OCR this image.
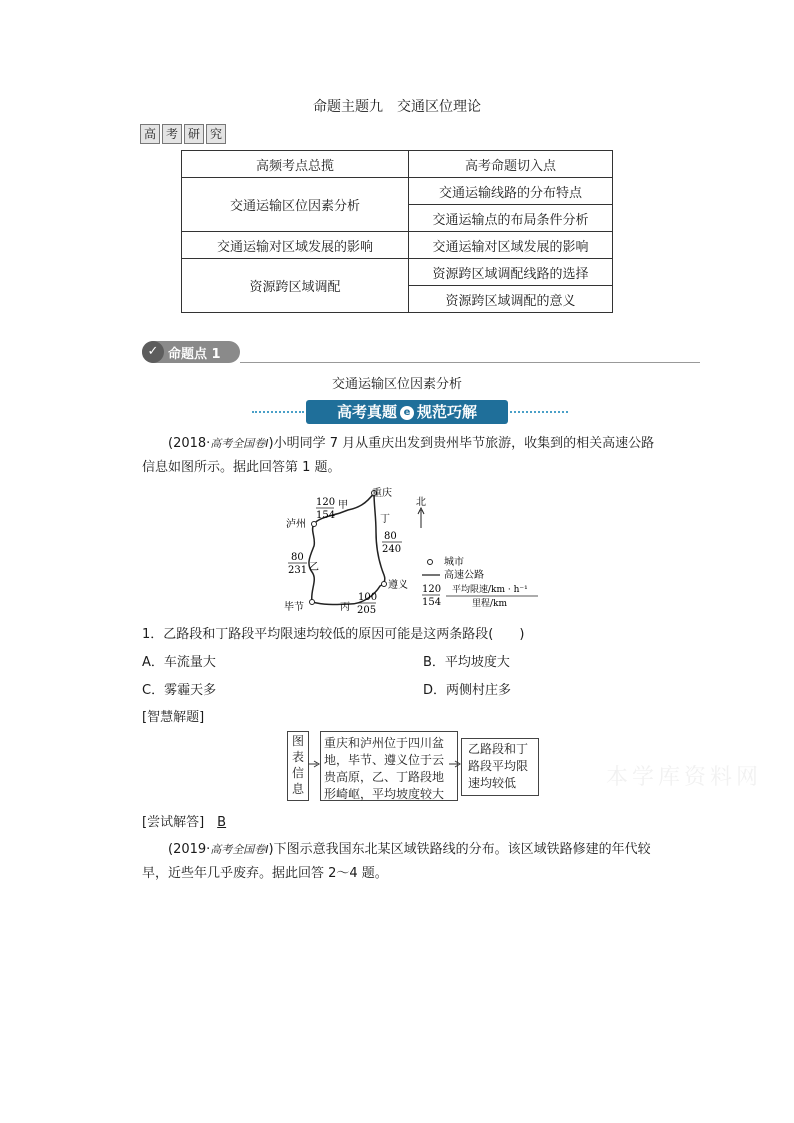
命题主题九　交通区位理论
高 考 研 究
高频考点总揽	高考命题切入点
交通运输区位因素分析	交通运输线路的分布特点
	交通运输点的布局条件分析
交通运输对区域发展的影响	交通运输对区域发展的影响
资源跨区域调配	资源跨区域调配线路的选择
	资源跨区域调配的意义
✓ 命题点 1
交通运输区位因素分析
高考真题 e 规范巧解
(2018·高考全国卷Ⅰ)小明同学 7 月从重庆出发到贵州毕节旅游，收集到的相关高速公路信息如图所示。据此回答第 1 题。
重庆
泸州
毕节
遵义
甲
120
154
乙
80
231
丙
100
205
丁
80
240
北
城市
高速公路
120
154
平均限速/km · h⁻¹
里程/km
1．乙路段和丁路段平均限速均较低的原因可能是这两条路段(　　)
A．车流量大	B．平均坡度大
C．雾霾天多	D．两侧村庄多
[智慧解题]
图表信息
重庆和泸州位于四川盆地，毕节、遵义位于云贵高原，乙、丁路段地形崎岖，平均坡度较大
乙路段和丁路段平均限速均较低
[尝试解答]　 B
(2019·高考全国卷Ⅰ)下图示意我国东北某区域铁路线的分布。该区域铁路修建的年代较早，近些年几乎废弃。据此回答 2～4 题。
本学库资料网
